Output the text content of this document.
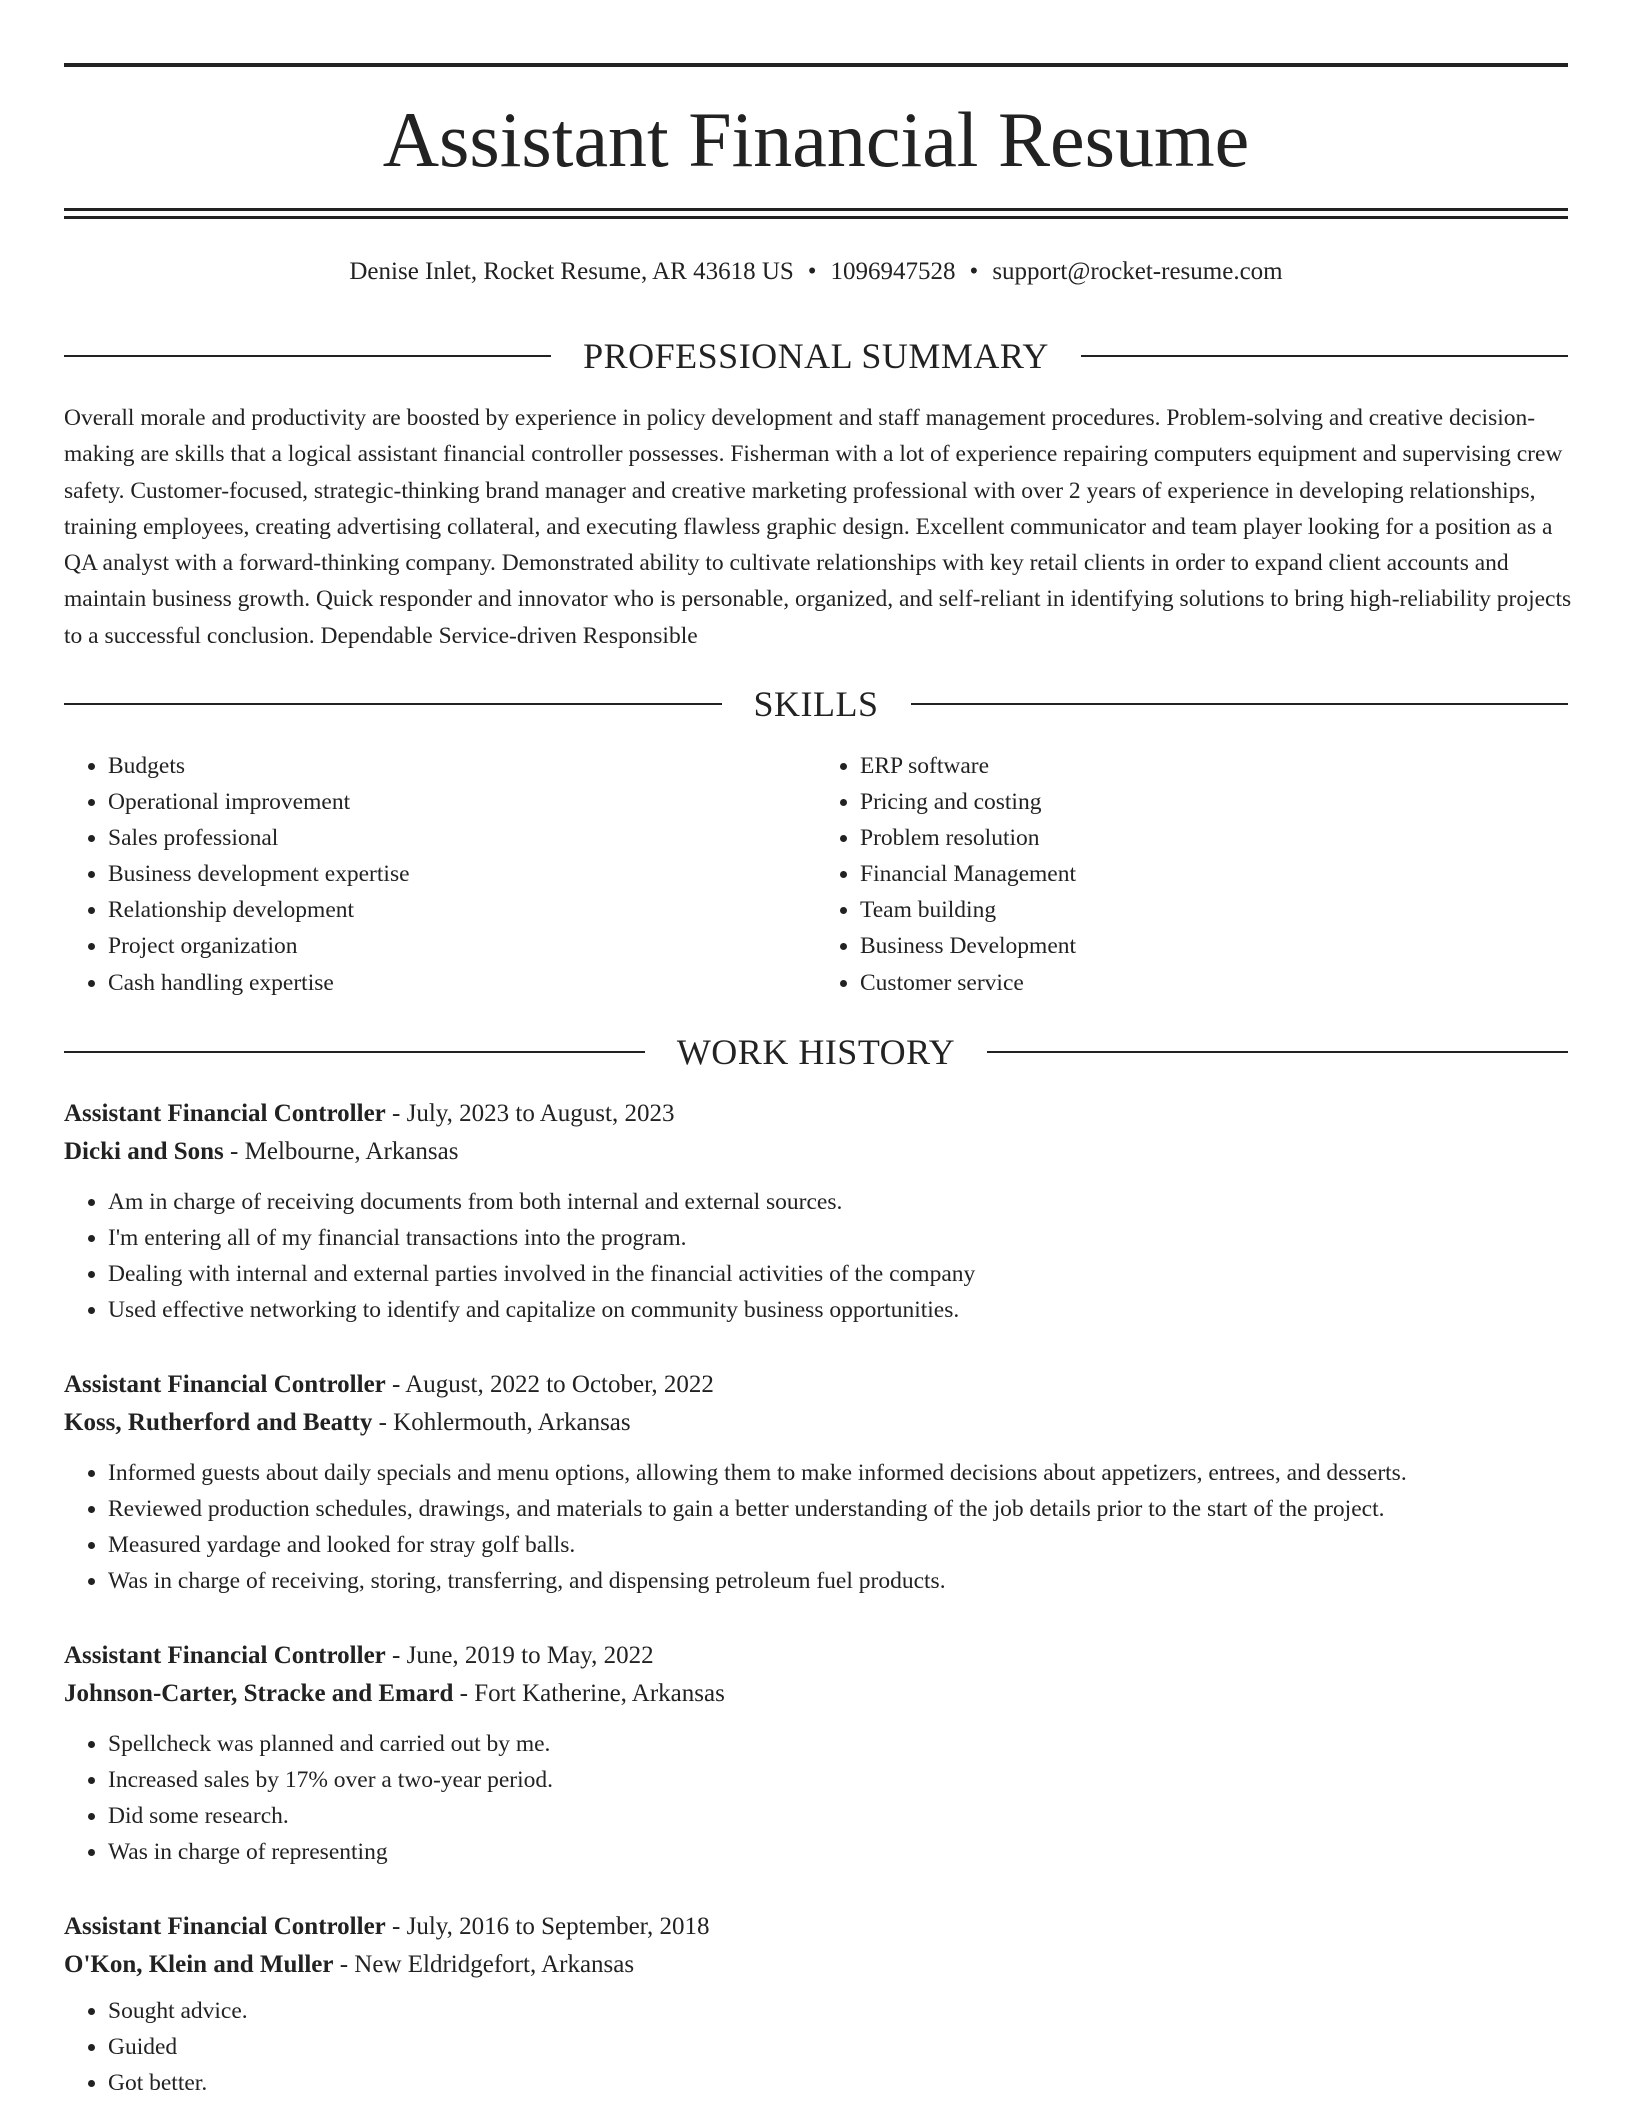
Assistant Financial Resume
Denise Inlet, Rocket Resume, AR 43618 US • 1096947528 • support@rocket-resume.com
PROFESSIONAL SUMMARY

Overall morale and productivity are boosted by experience in policy development and staff management procedures. Problem-solving and creative decision-making are skills that a logical assistant financial controller possesses. Fisherman with a lot of experience repairing computers equipment and supervising crew safety. Customer-focused, strategic-thinking brand manager and creative marketing professional with over 2 years of experience in developing relationships, training employees, creating advertising collateral, and executing flawless graphic design. Excellent communicator and team player looking for a position as a QA analyst with a forward-thinking company. Demonstrated ability to cultivate relationships with key retail clients in order to expand client accounts and maintain business growth. Quick responder and innovator who is personable, organized, and self-reliant in identifying solutions to bring high-reliability projects to a successful conclusion. Dependable Service-driven Responsible

SKILLS
• Budgets
• Operational improvement
• Sales professional
• Business development expertise
• Relationship development
• Project organization
• Cash handling expertise
• ERP software
• Pricing and costing
• Problem resolution
• Financial Management
• Team building
• Business Development
• Customer service
WORK HISTORY
Assistant Financial Controller - July, 2023 to August, 2023
Dicki and Sons - Melbourne, Arkansas
• Am in charge of receiving documents from both internal and external sources.
• I'm entering all of my financial transactions into the program.
• Dealing with internal and external parties involved in the financial activities of the company
• Used effective networking to identify and capitalize on community business opportunities.
Assistant Financial Controller - August, 2022 to October, 2022
Koss, Rutherford and Beatty - Kohlermouth, Arkansas
• Informed guests about daily specials and menu options, allowing them to make informed decisions about appetizers, entrees, and desserts.
• Reviewed production schedules, drawings, and materials to gain a better understanding of the job details prior to the start of the project.
• Measured yardage and looked for stray golf balls.
• Was in charge of receiving, storing, transferring, and dispensing petroleum fuel products.
Assistant Financial Controller - June, 2019 to May, 2022
Johnson-Carter, Stracke and Emard - Fort Katherine, Arkansas
• Spellcheck was planned and carried out by me.
• Increased sales by 17% over a two-year period.
• Did some research.
• Was in charge of representing
Assistant Financial Controller - July, 2016 to September, 2018
O'Kon, Klein and Muller - New Eldridgefort, Arkansas
• Sought advice.
• Guided
• Got better.
